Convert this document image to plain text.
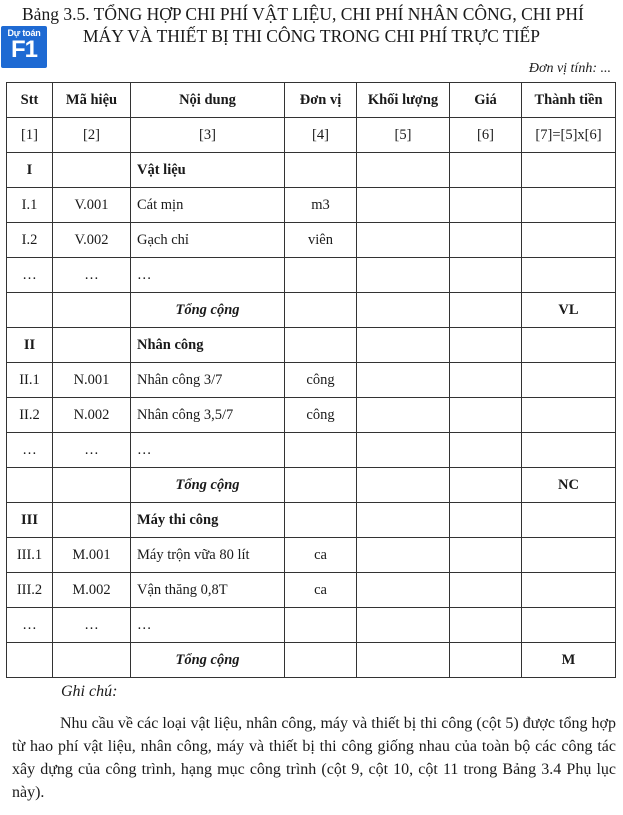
Dự toán
F1
Bảng 3.5. TỔNG HỢP CHI PHÍ VẬT LIỆU, CHI PHÍ NHÂN CÔNG, CHI PHÍ
MÁY VÀ THIẾT BỊ THI CÔNG TRONG CHI PHÍ TRỰC TIẾP
Đơn vị tính: ...
Stt	Mã hiệu	Nội dung	Đơn vị	Khối lượng	Giá	Thành tiền
[1]	[2]	[3]	[4]	[5]	[6]	[7]=[5]x[6]
I		Vật liệu				
I.1	V.001	Cát mịn	m3			
I.2	V.002	Gạch chỉ	viên			
…	…	…				
		Tổng cộng				VL
II		Nhân công				
II.1	N.001	Nhân công 3/7	công			
II.2	N.002	Nhân công 3,5/7	công			
…	…	…				
		Tổng cộng				NC
III		Máy thi công				
III.1	M.001	Máy trộn vữa 80 lít	ca			
III.2	M.002	Vận thăng 0,8T	ca			
…	…	…				
		Tổng cộng				M
Ghi chú:
Nhu cầu về các loại vật liệu, nhân công, máy và thiết bị thi công (cột 5) được tổng hợp từ hao phí vật liệu, nhân công, máy và thiết bị thi công giống nhau của toàn bộ các công tác xây dựng của công trình, hạng mục công trình (cột 9, cột 10, cột 11 trong Bảng 3.4 Phụ lục này).
